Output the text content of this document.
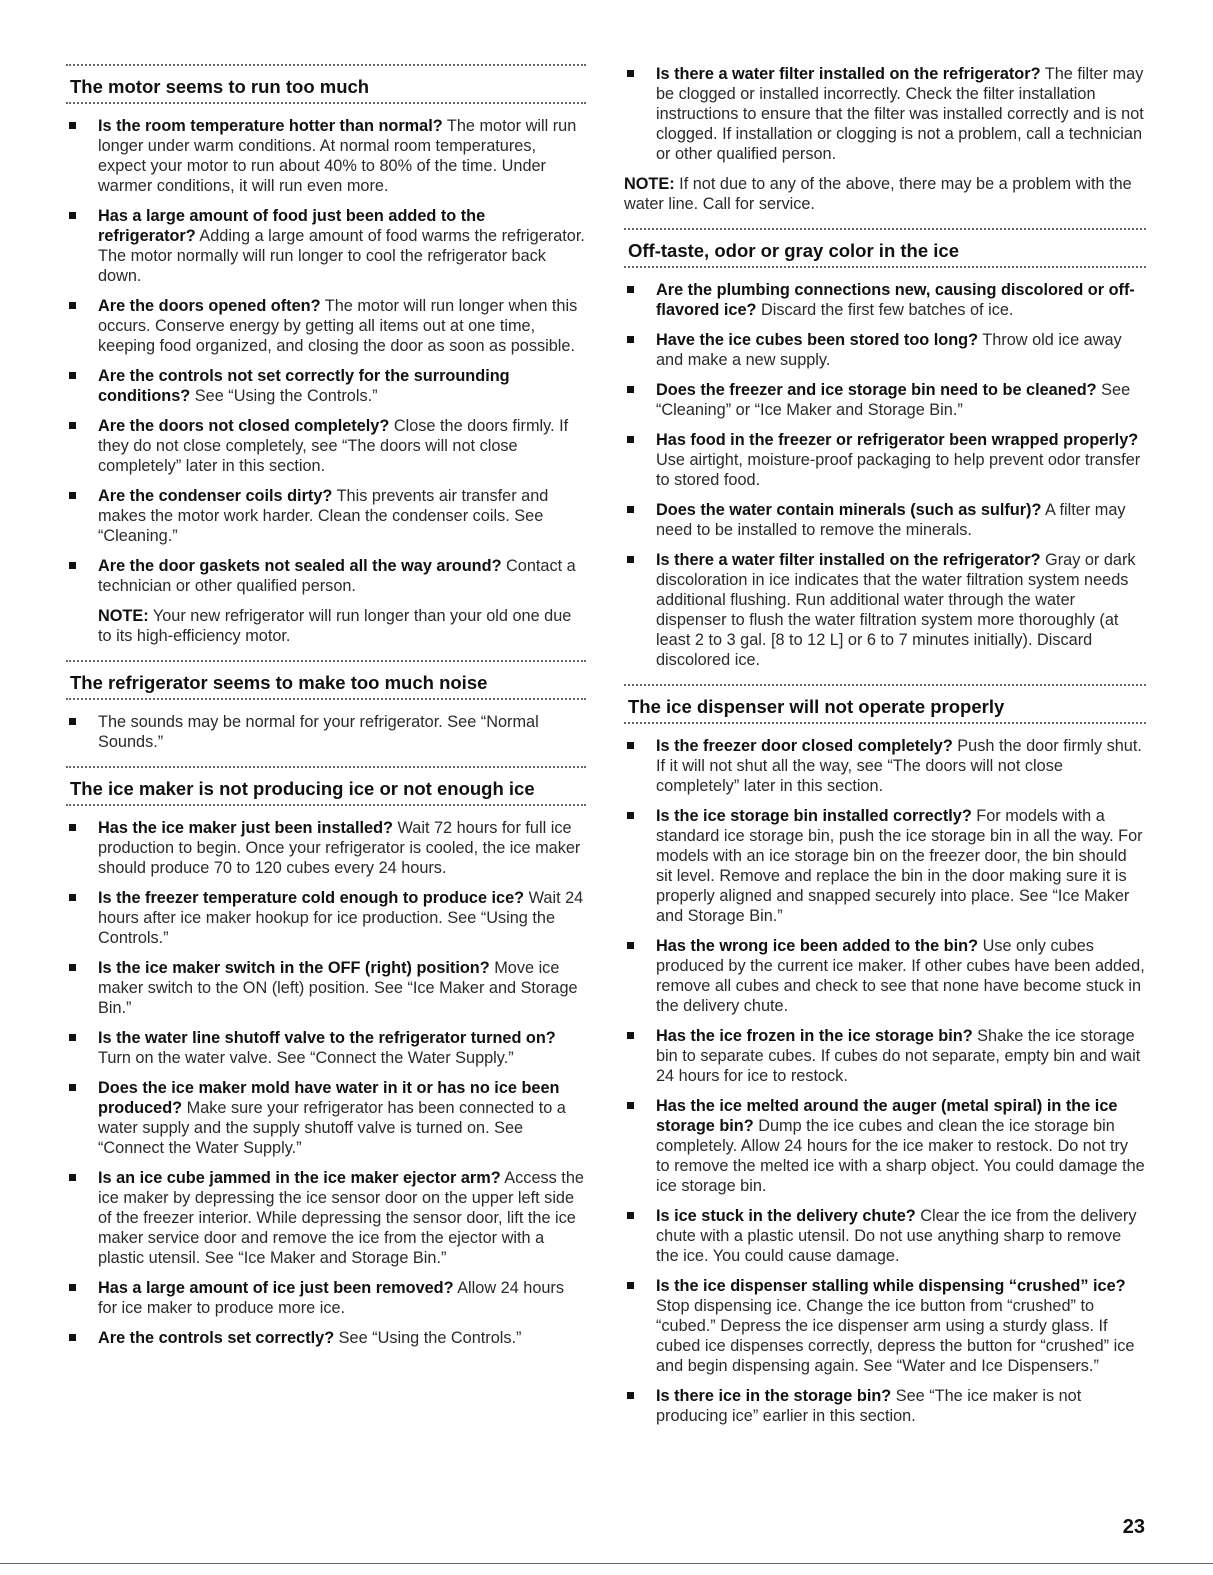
The motor seems to run too much
Is the room temperature hotter than normal? The motor will run longer under warm conditions. At normal room temperatures, expect your motor to run about 40% to 80% of the time. Under warmer conditions, it will run even more.
Has a large amount of food just been added to the refrigerator? Adding a large amount of food warms the refrigerator. The motor normally will run longer to cool the refrigerator back down.
Are the doors opened often? The motor will run longer when this occurs. Conserve energy by getting all items out at one time, keeping food organized, and closing the door as soon as possible.
Are the controls not set correctly for the surrounding conditions? See “Using the Controls.”
Are the doors not closed completely? Close the doors firmly. If they do not close completely, see “The doors will not close completely” later in this section.
Are the condenser coils dirty? This prevents air transfer and makes the motor work harder. Clean the condenser coils. See “Cleaning.”
Are the door gaskets not sealed all the way around? Contact a technician or other qualified person.
NOTE: Your new refrigerator will run longer than your old one due to its high-efficiency motor.
The refrigerator seems to make too much noise
The sounds may be normal for your refrigerator. See “Normal Sounds.”
The ice maker is not producing ice or not enough ice
Has the ice maker just been installed? Wait 72 hours for full ice production to begin. Once your refrigerator is cooled, the ice maker should produce 70 to 120 cubes every 24 hours.
Is the freezer temperature cold enough to produce ice? Wait 24 hours after ice maker hookup for ice production. See “Using the Controls.”
Is the ice maker switch in the OFF (right) position? Move ice maker switch to the ON (left) position. See “Ice Maker and Storage Bin.”
Is the water line shutoff valve to the refrigerator turned on? Turn on the water valve. See “Connect the Water Supply.”
Does the ice maker mold have water in it or has no ice been produced? Make sure your refrigerator has been connected to a water supply and the supply shutoff valve is turned on. See “Connect the Water Supply.”
Is an ice cube jammed in the ice maker ejector arm? Access the ice maker by depressing the ice sensor door on the upper left side of the freezer interior. While depressing the sensor door, lift the ice maker service door and remove the ice from the ejector with a plastic utensil. See “Ice Maker and Storage Bin.”
Has a large amount of ice just been removed? Allow 24 hours for ice maker to produce more ice.
Are the controls set correctly? See “Using the Controls.”
Is there a water filter installed on the refrigerator? The filter may be clogged or installed incorrectly. Check the filter installation instructions to ensure that the filter was installed correctly and is not clogged. If installation or clogging is not a problem, call a technician or other qualified person.
NOTE: If not due to any of the above, there may be a problem with the water line. Call for service.
Off-taste, odor or gray color in the ice
Are the plumbing connections new, causing discolored or off-flavored ice? Discard the first few batches of ice.
Have the ice cubes been stored too long? Throw old ice away and make a new supply.
Does the freezer and ice storage bin need to be cleaned? See “Cleaning” or “Ice Maker and Storage Bin.”
Has food in the freezer or refrigerator been wrapped properly? Use airtight, moisture-proof packaging to help prevent odor transfer to stored food.
Does the water contain minerals (such as sulfur)? A filter may need to be installed to remove the minerals.
Is there a water filter installed on the refrigerator? Gray or dark discoloration in ice indicates that the water filtration system needs additional flushing. Run additional water through the water dispenser to flush the water filtration system more thoroughly (at least 2 to 3 gal. [8 to 12 L] or 6 to 7 minutes initially). Discard discolored ice.
The ice dispenser will not operate properly
Is the freezer door closed completely? Push the door firmly shut. If it will not shut all the way, see “The doors will not close completely” later in this section.
Is the ice storage bin installed correctly? For models with a standard ice storage bin, push the ice storage bin in all the way. For models with an ice storage bin on the freezer door, the bin should sit level. Remove and replace the bin in the door making sure it is properly aligned and snapped securely into place. See “Ice Maker and Storage Bin.”
Has the wrong ice been added to the bin? Use only cubes produced by the current ice maker. If other cubes have been added, remove all cubes and check to see that none have become stuck in the delivery chute.
Has the ice frozen in the ice storage bin? Shake the ice storage bin to separate cubes. If cubes do not separate, empty bin and wait 24 hours for ice to restock.
Has the ice melted around the auger (metal spiral) in the ice storage bin? Dump the ice cubes and clean the ice storage bin completely. Allow 24 hours for the ice maker to restock. Do not try to remove the melted ice with a sharp object. You could damage the ice storage bin.
Is ice stuck in the delivery chute? Clear the ice from the delivery chute with a plastic utensil. Do not use anything sharp to remove the ice. You could cause damage.
Is the ice dispenser stalling while dispensing “crushed” ice? Stop dispensing ice. Change the ice button from “crushed” to “cubed.” Depress the ice dispenser arm using a sturdy glass. If cubed ice dispenses correctly, depress the button for “crushed” ice and begin dispensing again. See “Water and Ice Dispensers.”
Is there ice in the storage bin? See “The ice maker is not producing ice” earlier in this section.
23
